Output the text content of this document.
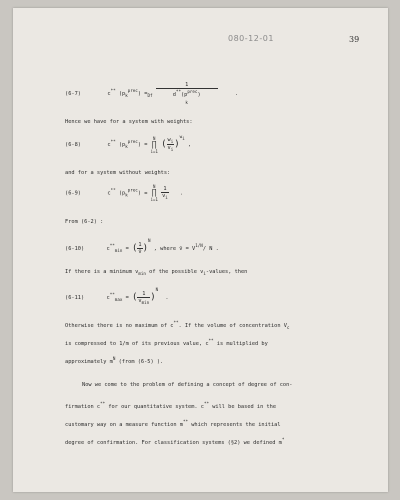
080-12-01	39
(6-7)	c** $(p_k^{prec}) =_{Df}$
1
$d^{**}(p^{prec})$
$_k$
.
Hence we have for a system with weights:
(6-8)	c** $(p_k^{prec}) = N$
∏
i=1 ( $\frac{w_i}{v_i} )^{wi}$ ,
and for a system without weights:
(6-9)	c** $(p_k^{prec}) = N$
∏
$i=1 \frac{1}{v_i}$ .
From (6-2) :
(6-10)	$c^{**}_{min}$ = ( $\frac{1}{v̄} )^N$ , where v̄ = $V^{1/N}/$ N .
If there is a minimum $v_{min}$ of the possible $v_i$-values, then
(6-11)	$c^{**}_{max}$ = ( $\frac{1}{v_{min}} )^N$ .
Otherwise there is no maximum of c**. If the volume of concentration $V_c$
is compressed to 1/m of its previous value, c** is multiplied by
approximately $m^N$ (from (6-5) ).
Now we come to the problem of defining a concept of degree of con-
firmation c** for our quantitative system. c** will be based in the
customary way on a measure function m** which represents the initial
degree of confirmation. For classification systems (§2) we defined m*
